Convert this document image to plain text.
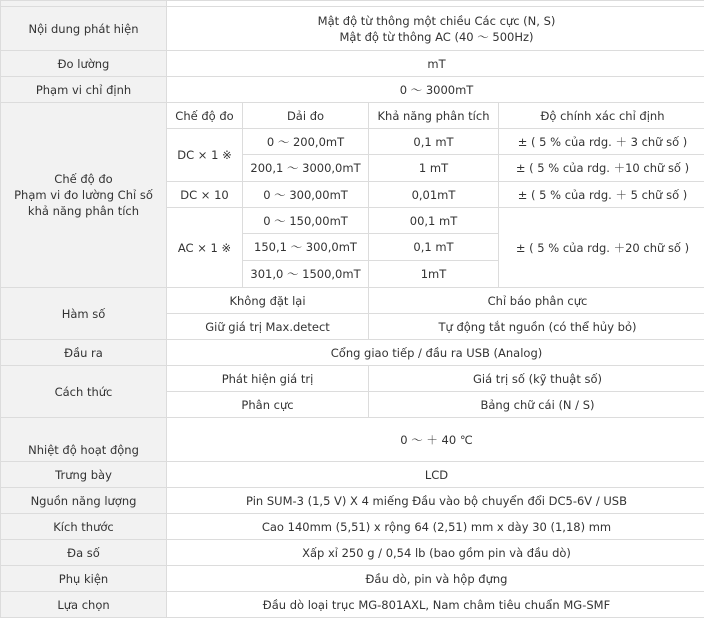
Nội dung phát hiện	Mật độ từ thông một chiều Các cực (N, S)
Mật độ từ thông AC (40 ～ 500Hz)			

Đo lường	mT			
Phạm vi chỉ định	0 ～ 3000mT			

Chế độ đo
Phạm vi đo lường Chỉ số
khả năng phân tích	Chế độ đo	Dải đo	Khả năng phân tích	Độ chính xác chỉ định
	DC × 1 ※	0 ～ 200,0mT	0,1 mT	± ( 5 % của rdg. ＋ 3 chữ số )
		200,1 ～ 3000,0mT	1 mT	± ( 5 % của rdg. ＋10 chữ số )
	DC × 10	0 ～ 300,00mT	0,01mT	± ( 5 % của rdg. ＋ 5 chữ số )
	AC × 1 ※	0 ～ 150,00mT	00,1 mT	± ( 5 % của rdg. ＋20 chữ số )
		150,1 ～ 300,0mT	0,1 mT	
		301,0 ～ 1500,0mT	1mT	
Hàm số	Không đặt lại		Chỉ báo phân cực	
	Giữ giá trị Max.detect		Tự động tắt nguồn (có thể hủy bỏ)	
Đầu ra	Cổng giao tiếp / đầu ra USB (Analog)			
Cách thức	Phát hiện giá trị		Giá trị số (kỹ thuật số)	
	Phân cực		Bảng chữ cái (N / S)	
Nhiệt độ hoạt động	0 ～ ＋ 40 ℃			
Trưng bày	LCD			
Nguồn năng lượng	Pin SUM-3 (1,5 V) X 4 miếng Đầu vào bộ chuyển đổi DC5-6V / USB			
Kích thước	Cao 140mm (5,51) x rộng 64 (2,51) mm x dày 30 (1,18) mm			
Đa số	Xấp xỉ 250 g / 0,54 lb (bao gồm pin và đầu dò)			
Phụ kiện	Đầu dò, pin và hộp đựng			
Lựa chọn	Đầu dò loại trục MG-801AXL, Nam châm tiêu chuẩn MG-SMF			
